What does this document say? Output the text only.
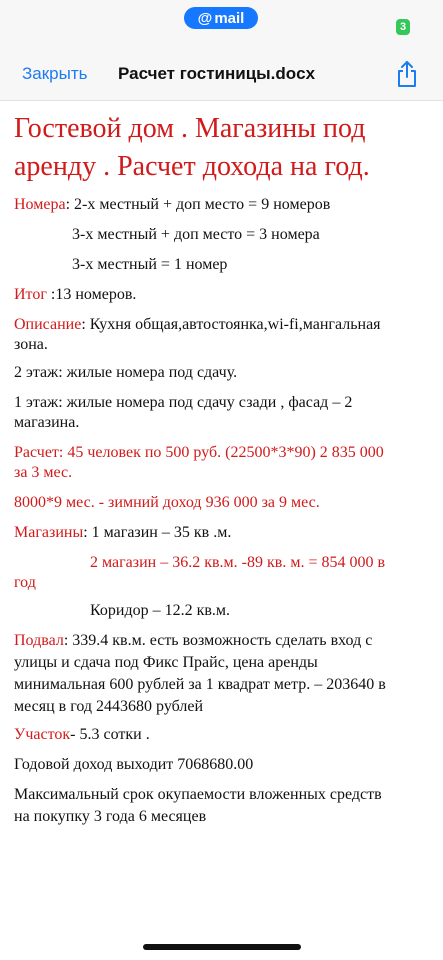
@ mail
3
Закрыть Расчет гостиницы.docx
Гостевой дом . Магазины под
аренду . Расчет дохода на год.
Номера: 2-х местный + доп место = 9 номеров
3-х местный + доп место = 3 номера
3-х местный = 1 номер
Итог :13 номеров.
Описание: Кухня общая,автостоянка,wi-fi,мангальная
зона.
2 этаж: жилые номера под сдачу.
1 этаж: жилые номера под сдачу сзади , фасад – 2
магазина.
Расчет: 45 человек по 500 руб. (22500*3*90) 2 835 000
за 3 мес.
8000*9 мес. - зимний доход 936 000 за 9 мес.
Магазины: 1 магазин – 35 кв .м.
2 магазин – 36.2 кв.м. -89 кв. м. = 854 000 в
год
Коридор – 12.2 кв.м.
Подвал: 339.4 кв.м. есть возможность сделать вход с
улицы и сдача под Фикс Прайс, цена аренды
минимальная 600 рублей за 1 квадрат метр. – 203640 в
месяц в год 2443680 рублей
Участок- 5.3 сотки .
Годовой доход выходит 7068680.00
Максимальный срок окупаемости вложенных средств
на покупку 3 года 6 месяцев
